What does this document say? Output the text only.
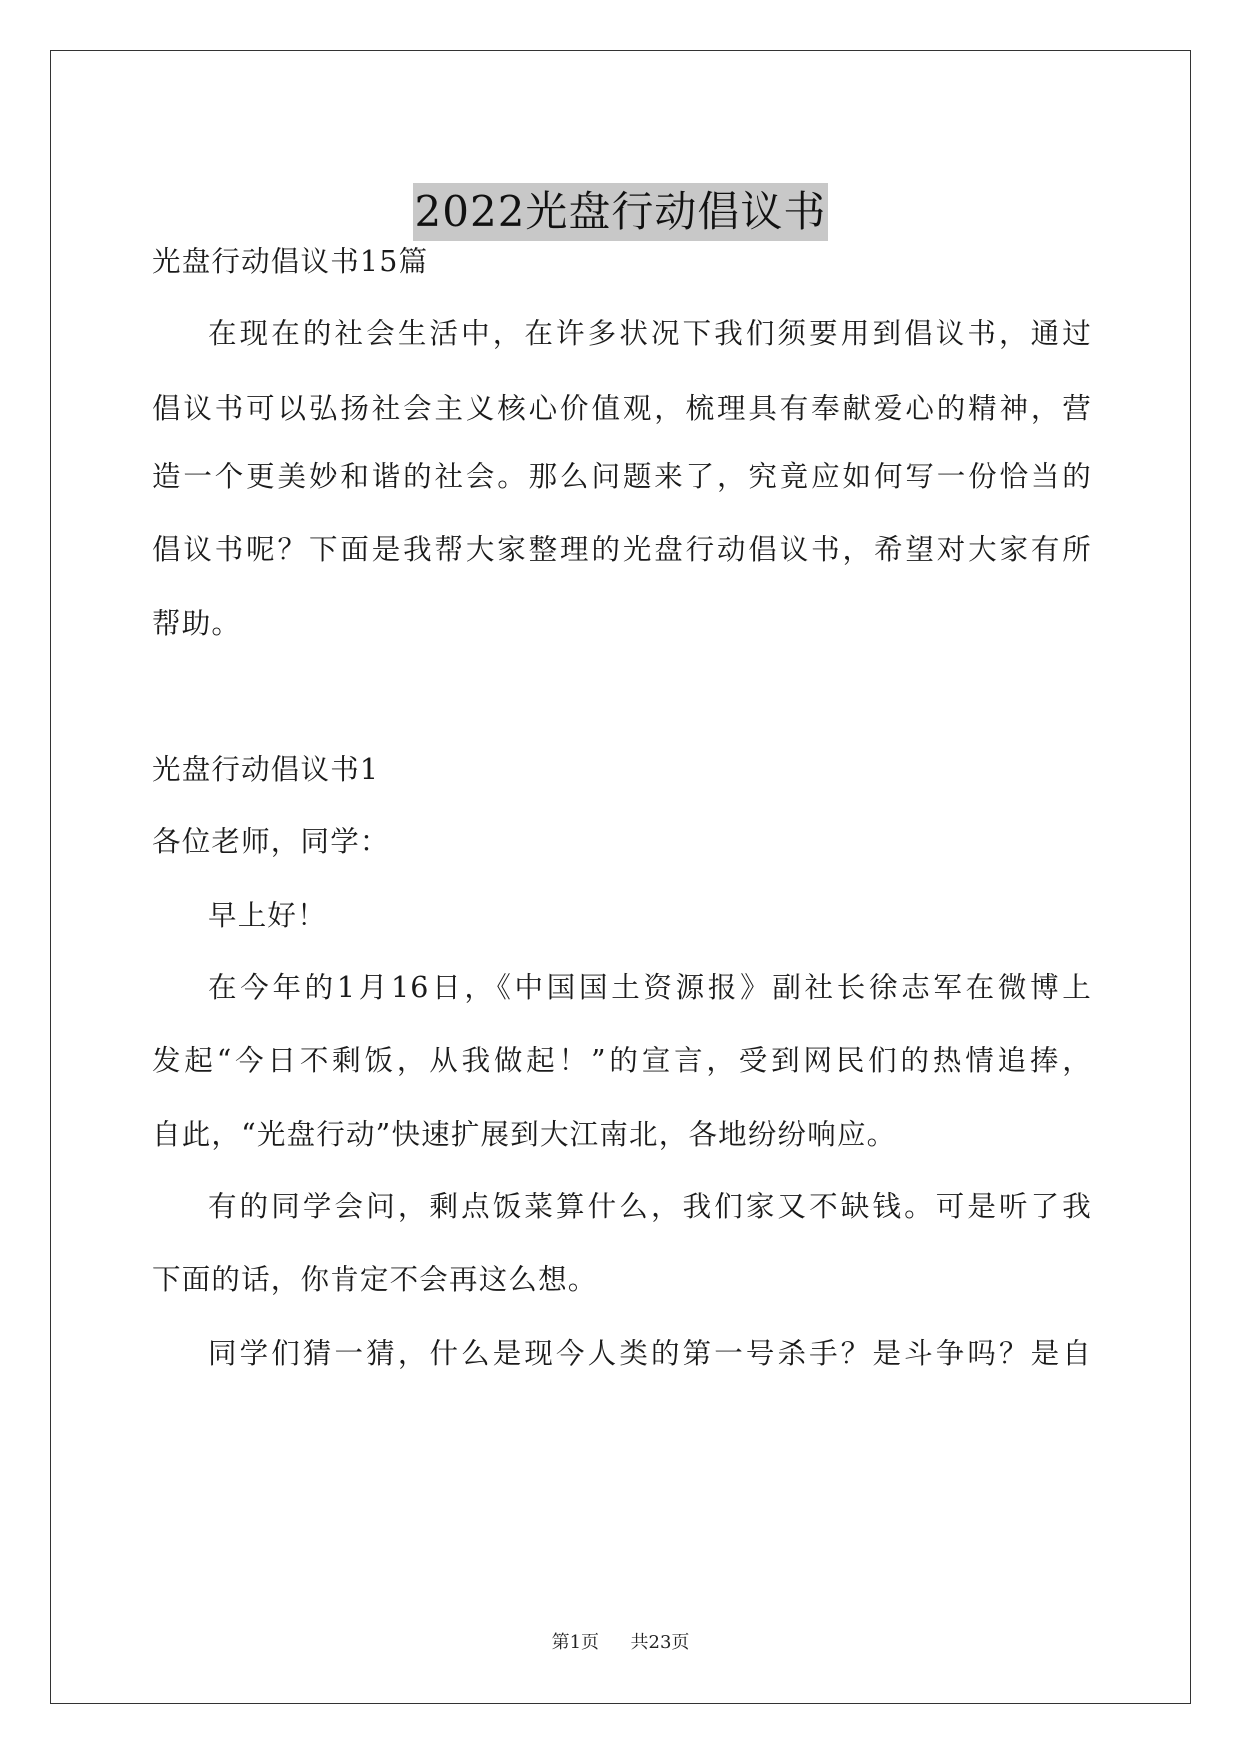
2022光盘行动倡议书
光盘行动倡议书15篇
在现在的社会生活中，在许多状况下我们须要用到倡议书，通过
倡议书可以弘扬社会主义核心价值观，梳理具有奉献爱心的精神，营
造一个更美妙和谐的社会。那么问题来了，究竟应如何写一份恰当的
倡议书呢？下面是我帮大家整理的光盘行动倡议书，希望对大家有所
帮助。
光盘行动倡议书1
各位老师，同学：
早上好！
在今年的1月16日，《中国国土资源报》副社长徐志军在微博上
发起“今日不剩饭，从我做起！”的宣言，受到网民们的热情追捧，
自此，“光盘行动”快速扩展到大江南北，各地纷纷响应。
有的同学会问，剩点饭菜算什么，我们家又不缺钱。可是听了我
下面的话，你肯定不会再这么想。
同学们猜一猜，什么是现今人类的第一号杀手？是斗争吗？是自
第1页 共23页
